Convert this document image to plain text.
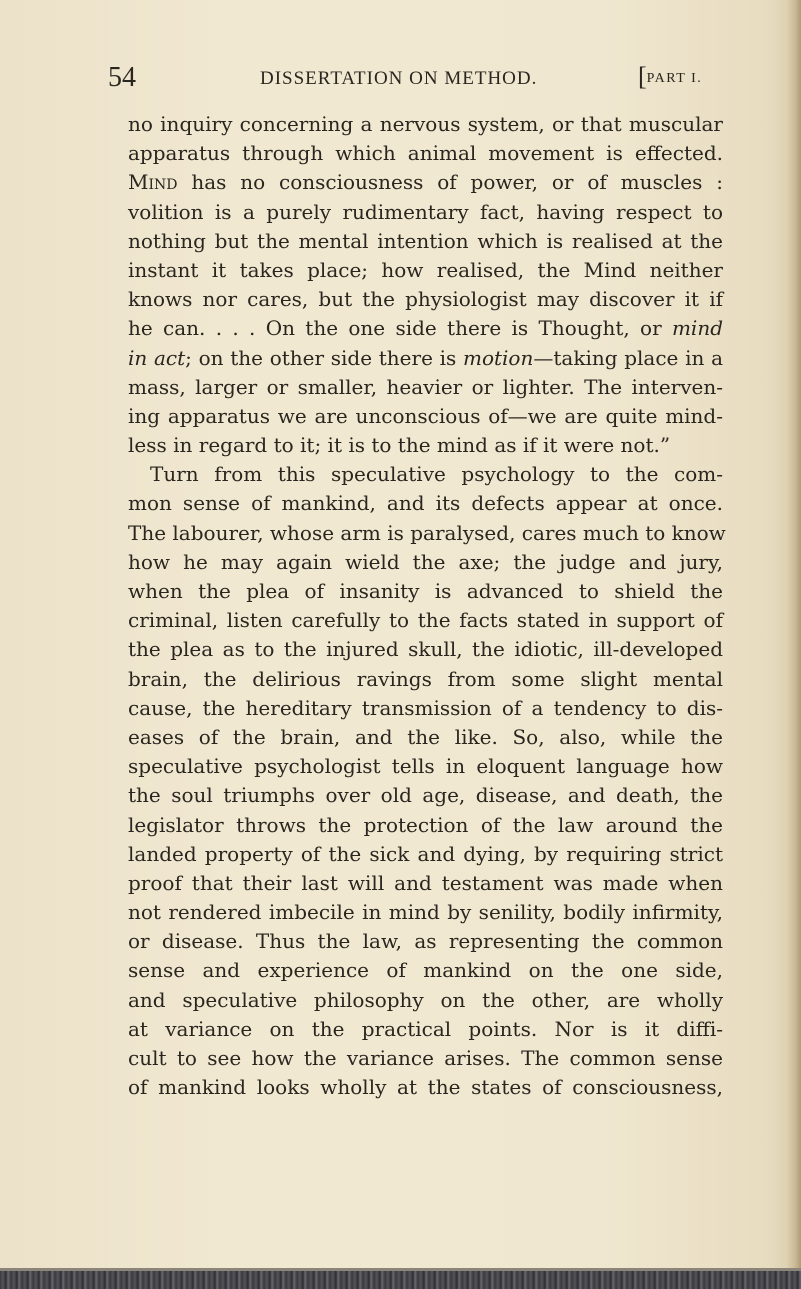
54	DISSERTATION ON METHOD.	[PART I.
no inquiry concerning a nervous system, or that muscular
apparatus through which animal movement is effected.
Mind has no consciousness of power, or of muscles :
volition is a purely rudimentary fact, having respect to
nothing but the mental intention which is realised at the
instant it takes place; how realised, the Mind neither
knows nor cares, but the physiologist may discover it if
he can. . . . On the one side there is Thought, or mind
in act; on the other side there is motion—taking place in a
mass, larger or smaller, heavier or lighter. The interven-
ing apparatus we are unconscious of—we are quite mind-
less in regard to it; it is to the mind as if it were not.”
Turn from this speculative psychology to the com-
mon sense of mankind, and its defects appear at once.
The labourer, whose arm is paralysed, cares much to know
how he may again wield the axe; the judge and jury,
when the plea of insanity is advanced to shield the
criminal, listen carefully to the facts stated in support of
the plea as to the injured skull, the idiotic, ill-developed
brain, the delirious ravings from some slight mental
cause, the hereditary transmission of a tendency to dis-
eases of the brain, and the like. So, also, while the
speculative psychologist tells in eloquent language how
the soul triumphs over old age, disease, and death, the
legislator throws the protection of the law around the
landed property of the sick and dying, by requiring strict
proof that their last will and testament was made when
not rendered imbecile in mind by senility, bodily infirmity,
or disease. Thus the law, as representing the common
sense and experience of mankind on the one side,
and speculative philosophy on the other, are wholly
at variance on the practical points. Nor is it diffi-
cult to see how the variance arises. The common sense
of mankind looks wholly at the states of consciousness,
